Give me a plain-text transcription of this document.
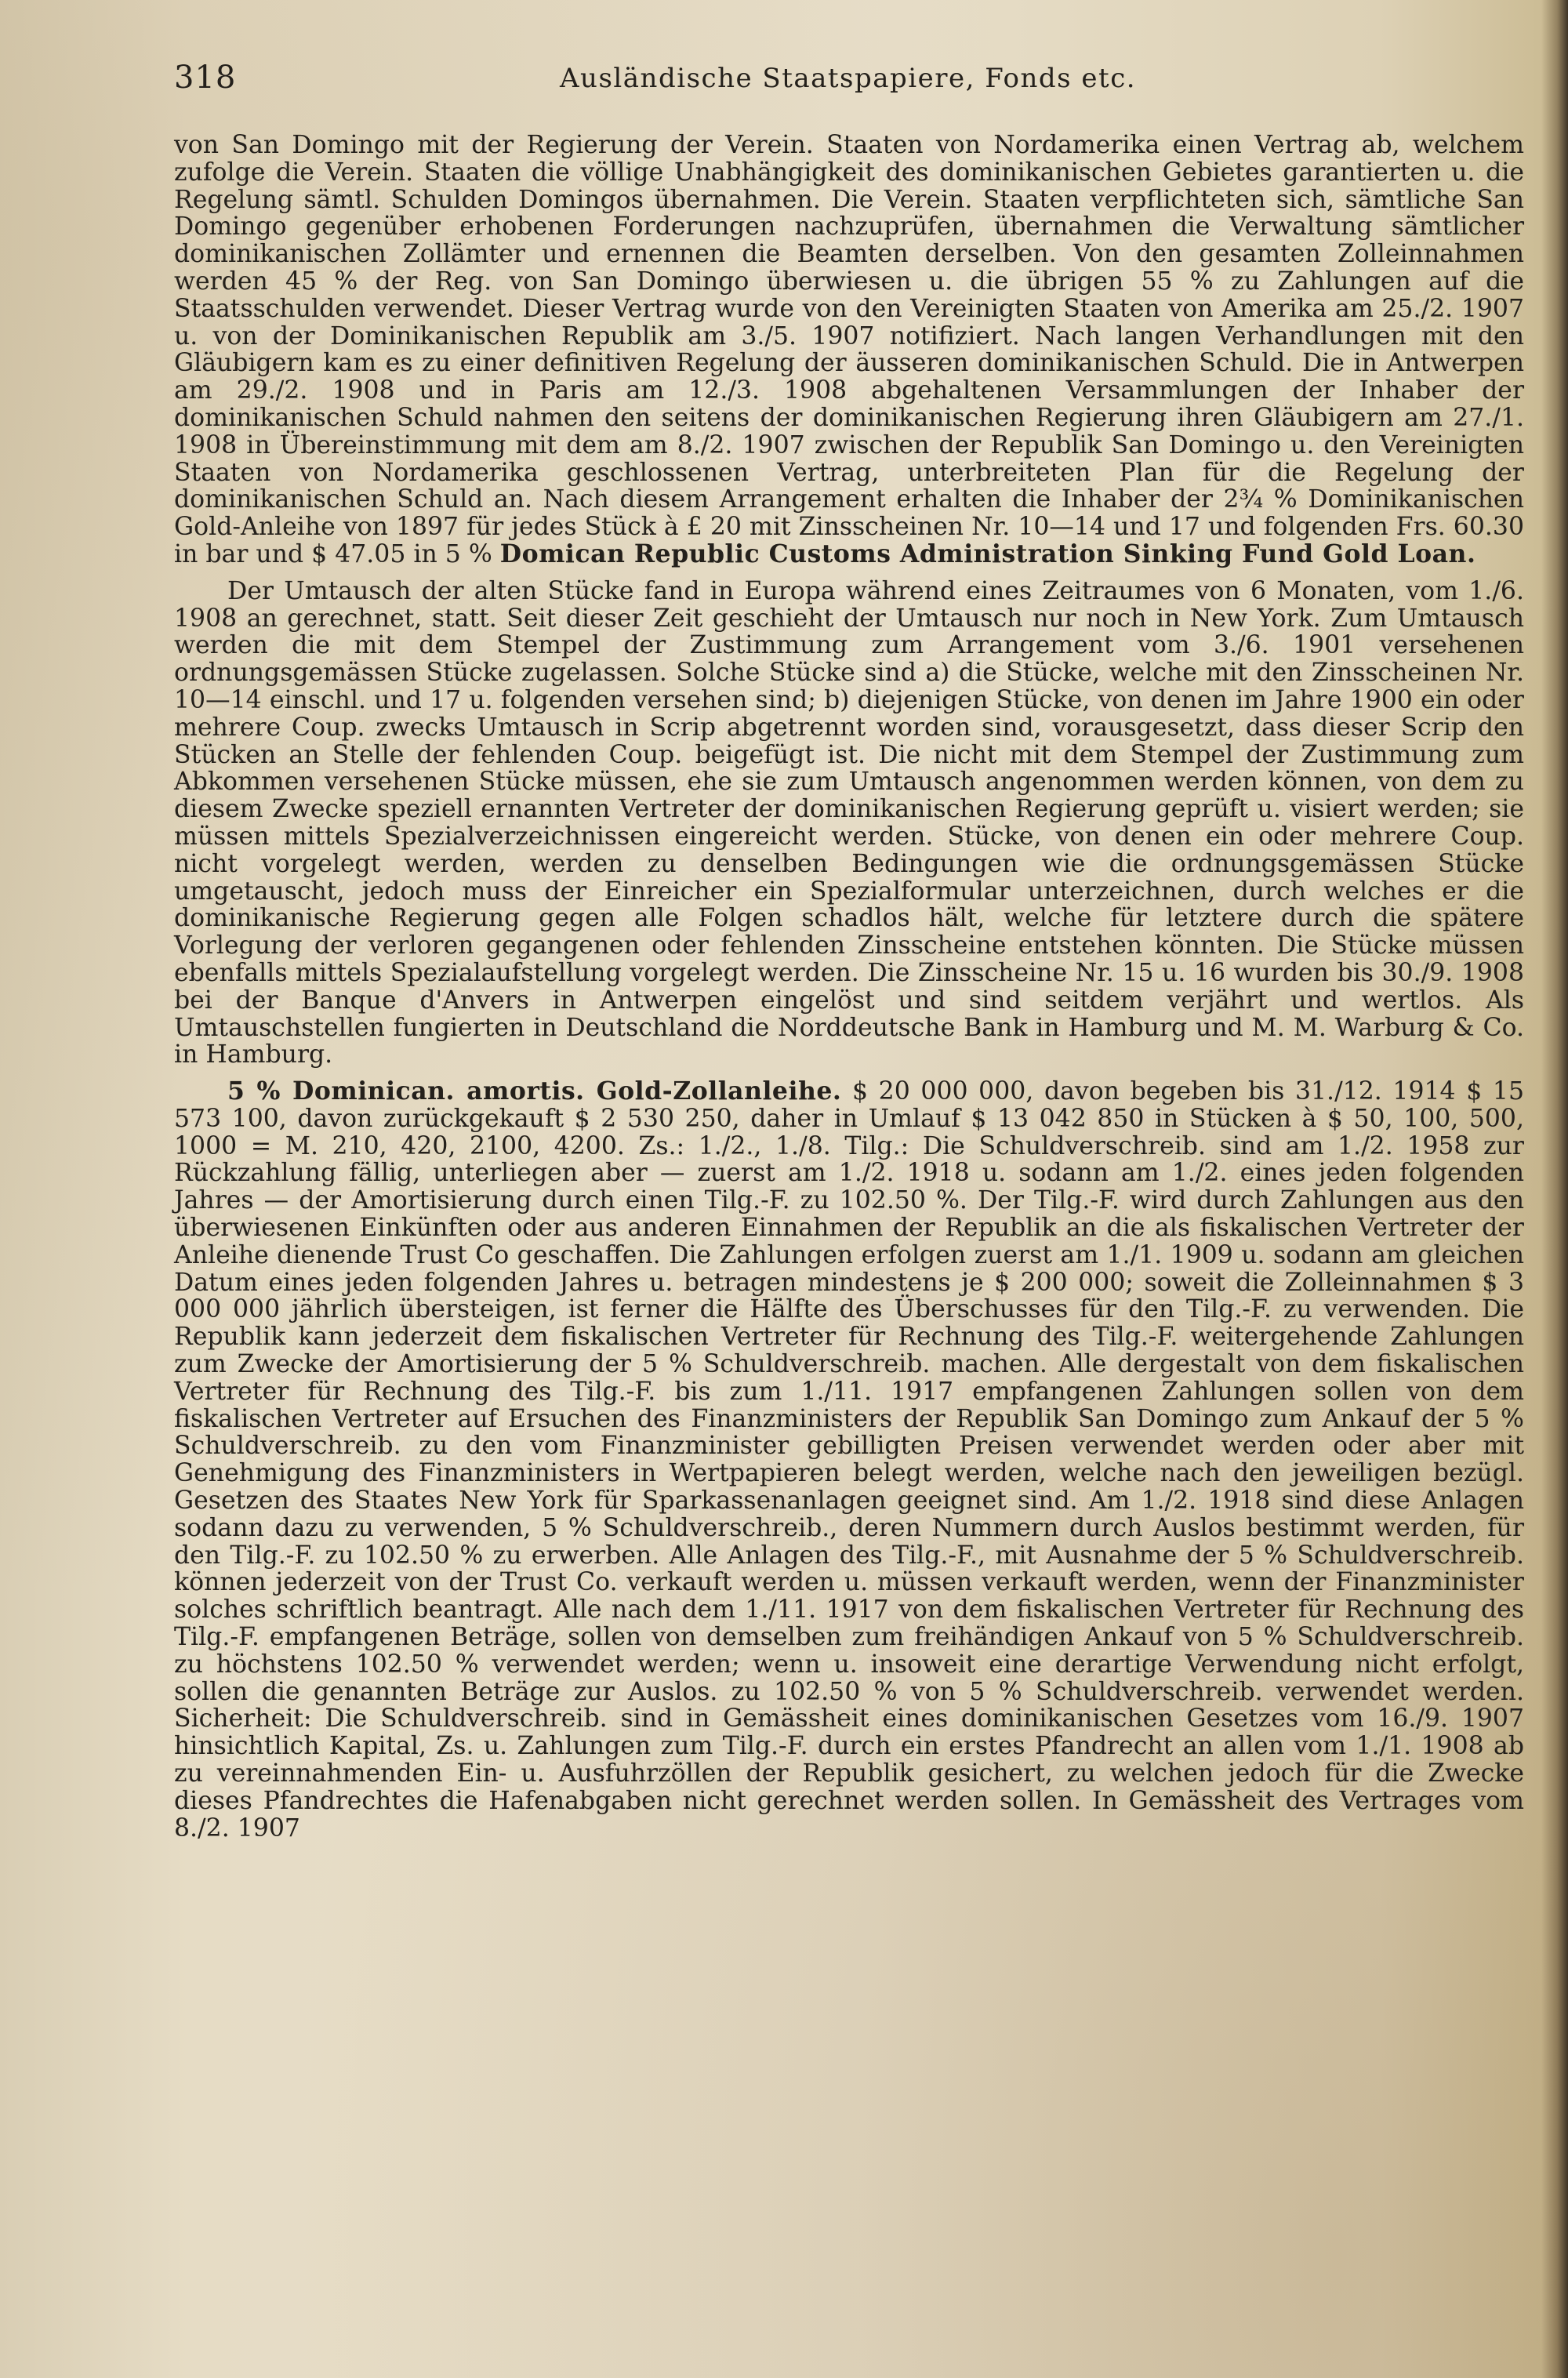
318	Ausländische Staatspapiere, Fonds etc.

von San Domingo mit der Regierung der Verein. Staaten von Nordamerika einen Vertrag ab, welchem zufolge die Verein. Staaten die völlige Unabhängigkeit des dominikanischen Gebietes garantierten u. die Regelung sämtl. Schulden Domingos übernahmen. Die Verein. Staaten verpflichteten sich, sämtliche San Domingo gegenüber erhobenen Forderungen nachzuprüfen, übernahmen die Verwaltung sämtlicher dominikanischen Zollämter und ernennen die Beamten derselben. Von den gesamten Zolleinnahmen werden 45 % der Reg. von San Domingo überwiesen u. die übrigen 55 % zu Zahlungen auf die Staatsschulden verwendet. Dieser Vertrag wurde von den Vereinigten Staaten von Amerika am 25./2. 1907 u. von der Dominikanischen Republik am 3./5. 1907 notifiziert. Nach langen Verhandlungen mit den Gläubigern kam es zu einer definitiven Regelung der äusseren dominikanischen Schuld. Die in Antwerpen am 29./2. 1908 und in Paris am 12./3. 1908 abgehaltenen Versammlungen der Inhaber der dominikanischen Schuld nahmen den seitens der dominikanischen Regierung ihren Gläubigern am 27./1. 1908 in Übereinstimmung mit dem am 8./2. 1907 zwischen der Republik San Domingo u. den Vereinigten Staaten von Nordamerika geschlossenen Vertrag, unterbreiteten Plan für die Regelung der dominikanischen Schuld an. Nach diesem Arrangement erhalten die Inhaber der 2¾ % Dominikanischen Gold-Anleihe von 1897 für jedes Stück à £ 20 mit Zinsscheinen Nr. 10—14 und 17 und folgenden Frs. 60.30 in bar und $ 47.05 in 5 % Domican Republic Customs Administration Sinking Fund Gold Loan.

Der Umtausch der alten Stücke fand in Europa während eines Zeitraumes von 6 Monaten, vom 1./6. 1908 an gerechnet, statt. Seit dieser Zeit geschieht der Umtausch nur noch in New York. Zum Umtausch werden die mit dem Stempel der Zustimmung zum Arrangement vom 3./6. 1901 versehenen ordnungsgemässen Stücke zugelassen. Solche Stücke sind a) die Stücke, welche mit den Zinsscheinen Nr. 10—14 einschl. und 17 u. folgenden versehen sind; b) diejenigen Stücke, von denen im Jahre 1900 ein oder mehrere Coup. zwecks Umtausch in Scrip abgetrennt worden sind, vorausgesetzt, dass dieser Scrip den Stücken an Stelle der fehlenden Coup. beigefügt ist. Die nicht mit dem Stempel der Zustimmung zum Abkommen versehenen Stücke müssen, ehe sie zum Umtausch angenommen werden können, von dem zu diesem Zwecke speziell ernannten Vertreter der dominikanischen Regierung geprüft u. visiert werden; sie müssen mittels Spezialverzeichnissen eingereicht werden. Stücke, von denen ein oder mehrere Coup. nicht vorgelegt werden, werden zu denselben Bedingungen wie die ordnungsgemässen Stücke umgetauscht, jedoch muss der Einreicher ein Spezialformular unterzeichnen, durch welches er die dominikanische Regierung gegen alle Folgen schadlos hält, welche für letztere durch die spätere Vorlegung der verloren gegangenen oder fehlenden Zinsscheine entstehen könnten. Die Stücke müssen ebenfalls mittels Spezialaufstellung vorgelegt werden. Die Zinsscheine Nr. 15 u. 16 wurden bis 30./9. 1908 bei der Banque d'Anvers in Antwerpen eingelöst und sind seitdem verjährt und wertlos. Als Umtauschstellen fungierten in Deutschland die Norddeutsche Bank in Hamburg und M. M. Warburg & Co. in Hamburg.

5 % Dominican. amortis. Gold-Zollanleihe. $ 20 000 000, davon begeben bis 31./12. 1914 $ 15 573 100, davon zurückgekauft $ 2 530 250, daher in Umlauf $ 13 042 850 in Stücken à $ 50, 100, 500, 1000 = M. 210, 420, 2100, 4200. Zs.: 1./2., 1./8. Tilg.: Die Schuldverschreib. sind am 1./2. 1958 zur Rückzahlung fällig, unterliegen aber — zuerst am 1./2. 1918 u. sodann am 1./2. eines jeden folgenden Jahres — der Amortisierung durch einen Tilg.-F. zu 102.50 %. Der Tilg.-F. wird durch Zahlungen aus den überwiesenen Einkünften oder aus anderen Einnahmen der Republik an die als fiskalischen Vertreter der Anleihe dienende Trust Co geschaffen. Die Zahlungen erfolgen zuerst am 1./1. 1909 u. sodann am gleichen Datum eines jeden folgenden Jahres u. betragen mindestens je $ 200 000; soweit die Zolleinnahmen $ 3 000 000 jährlich übersteigen, ist ferner die Hälfte des Überschusses für den Tilg.-F. zu verwenden. Die Republik kann jederzeit dem fiskalischen Vertreter für Rechnung des Tilg.-F. weitergehende Zahlungen zum Zwecke der Amortisierung der 5 % Schuldverschreib. machen. Alle dergestalt von dem fiskalischen Vertreter für Rechnung des Tilg.-F. bis zum 1./11. 1917 empfangenen Zahlungen sollen von dem fiskalischen Vertreter auf Ersuchen des Finanzministers der Republik San Domingo zum Ankauf der 5 % Schuldverschreib. zu den vom Finanzminister gebilligten Preisen verwendet werden oder aber mit Genehmigung des Finanzministers in Wertpapieren belegt werden, welche nach den jeweiligen bezügl. Gesetzen des Staates New York für Sparkassenanlagen geeignet sind. Am 1./2. 1918 sind diese Anlagen sodann dazu zu verwenden, 5 % Schuldverschreib., deren Nummern durch Auslos bestimmt werden, für den Tilg.-F. zu 102.50 % zu erwerben. Alle Anlagen des Tilg.-F., mit Ausnahme der 5 % Schuldverschreib. können jederzeit von der Trust Co. verkauft werden u. müssen verkauft werden, wenn der Finanzminister solches schriftlich beantragt. Alle nach dem 1./11. 1917 von dem fiskalischen Vertreter für Rechnung des Tilg.-F. empfangenen Beträge, sollen von demselben zum freihändigen Ankauf von 5 % Schuldverschreib. zu höchstens 102.50 % verwendet werden; wenn u. insoweit eine derartige Verwendung nicht erfolgt, sollen die genannten Beträge zur Auslos. zu 102.50 % von 5 % Schuldverschreib. verwendet werden. Sicherheit: Die Schuldverschreib. sind in Gemässheit eines dominikanischen Gesetzes vom 16./9. 1907 hinsichtlich Kapital, Zs. u. Zahlungen zum Tilg.-F. durch ein erstes Pfandrecht an allen vom 1./1. 1908 ab zu vereinnahmenden Ein- u. Ausfuhrzöllen der Republik gesichert, zu welchen jedoch für die Zwecke dieses Pfandrechtes die Hafenabgaben nicht gerechnet werden sollen. In Gemässheit des Vertrages vom 8./2. 1907
